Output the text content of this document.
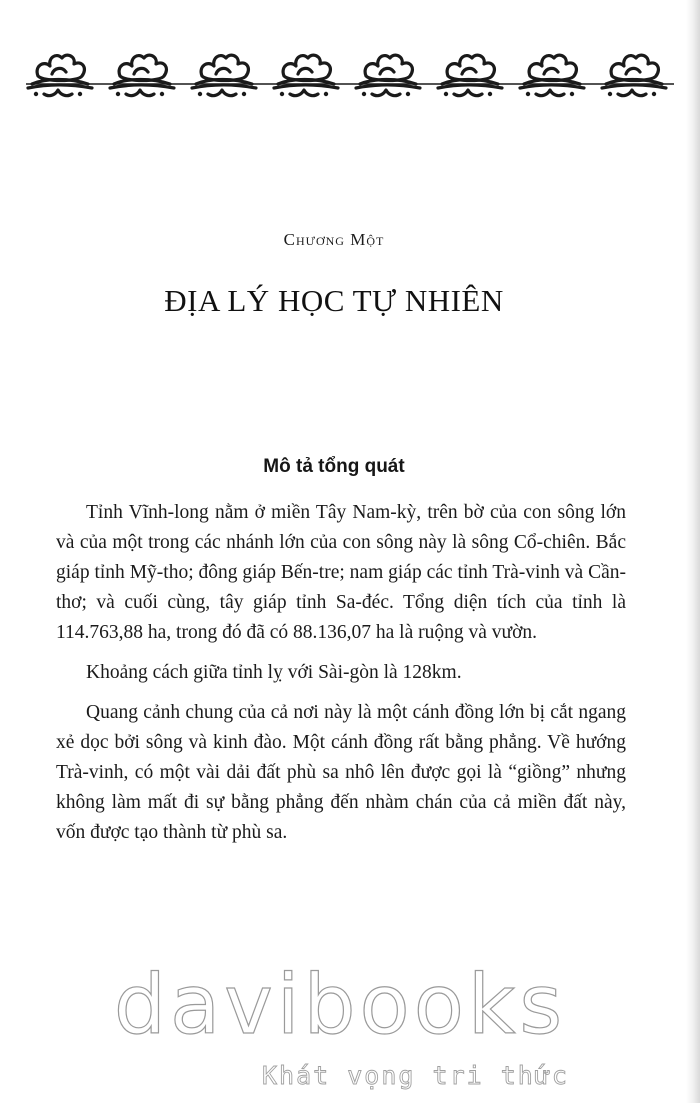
Chương Một
ĐỊA LÝ HỌC TỰ NHIÊN
Mô tả tổng quát

Tỉnh Vĩnh-long nằm ở miền Tây Nam-kỳ, trên bờ của con sông lớn và của một trong các nhánh lớn của con sông này là sông Cổ-chiên. Bắc giáp tỉnh Mỹ-tho; đông giáp Bến-tre; nam giáp các tỉnh Trà-vinh và Cần-thơ; và cuối cùng, tây giáp tỉnh Sa-đéc. Tổng diện tích của tỉnh là 114.763,88 ha, trong đó đã có 88.136,07 ha là ruộng và vườn.

Khoảng cách giữa tỉnh lỵ với Sài-gòn là 128km.

Quang cảnh chung của cả nơi này là một cánh đồng lớn bị cắt ngang xẻ dọc bởi sông và kinh đào. Một cánh đồng rất bằng phẳng. Về hướng Trà-vinh, có một vài dải đất phù sa nhô lên được gọi là “giồng” nhưng không làm mất đi sự bằng phẳng đến nhàm chán của cả miền đất này, vốn được tạo thành từ phù sa.

davibooks
Khát vọng tri thức
